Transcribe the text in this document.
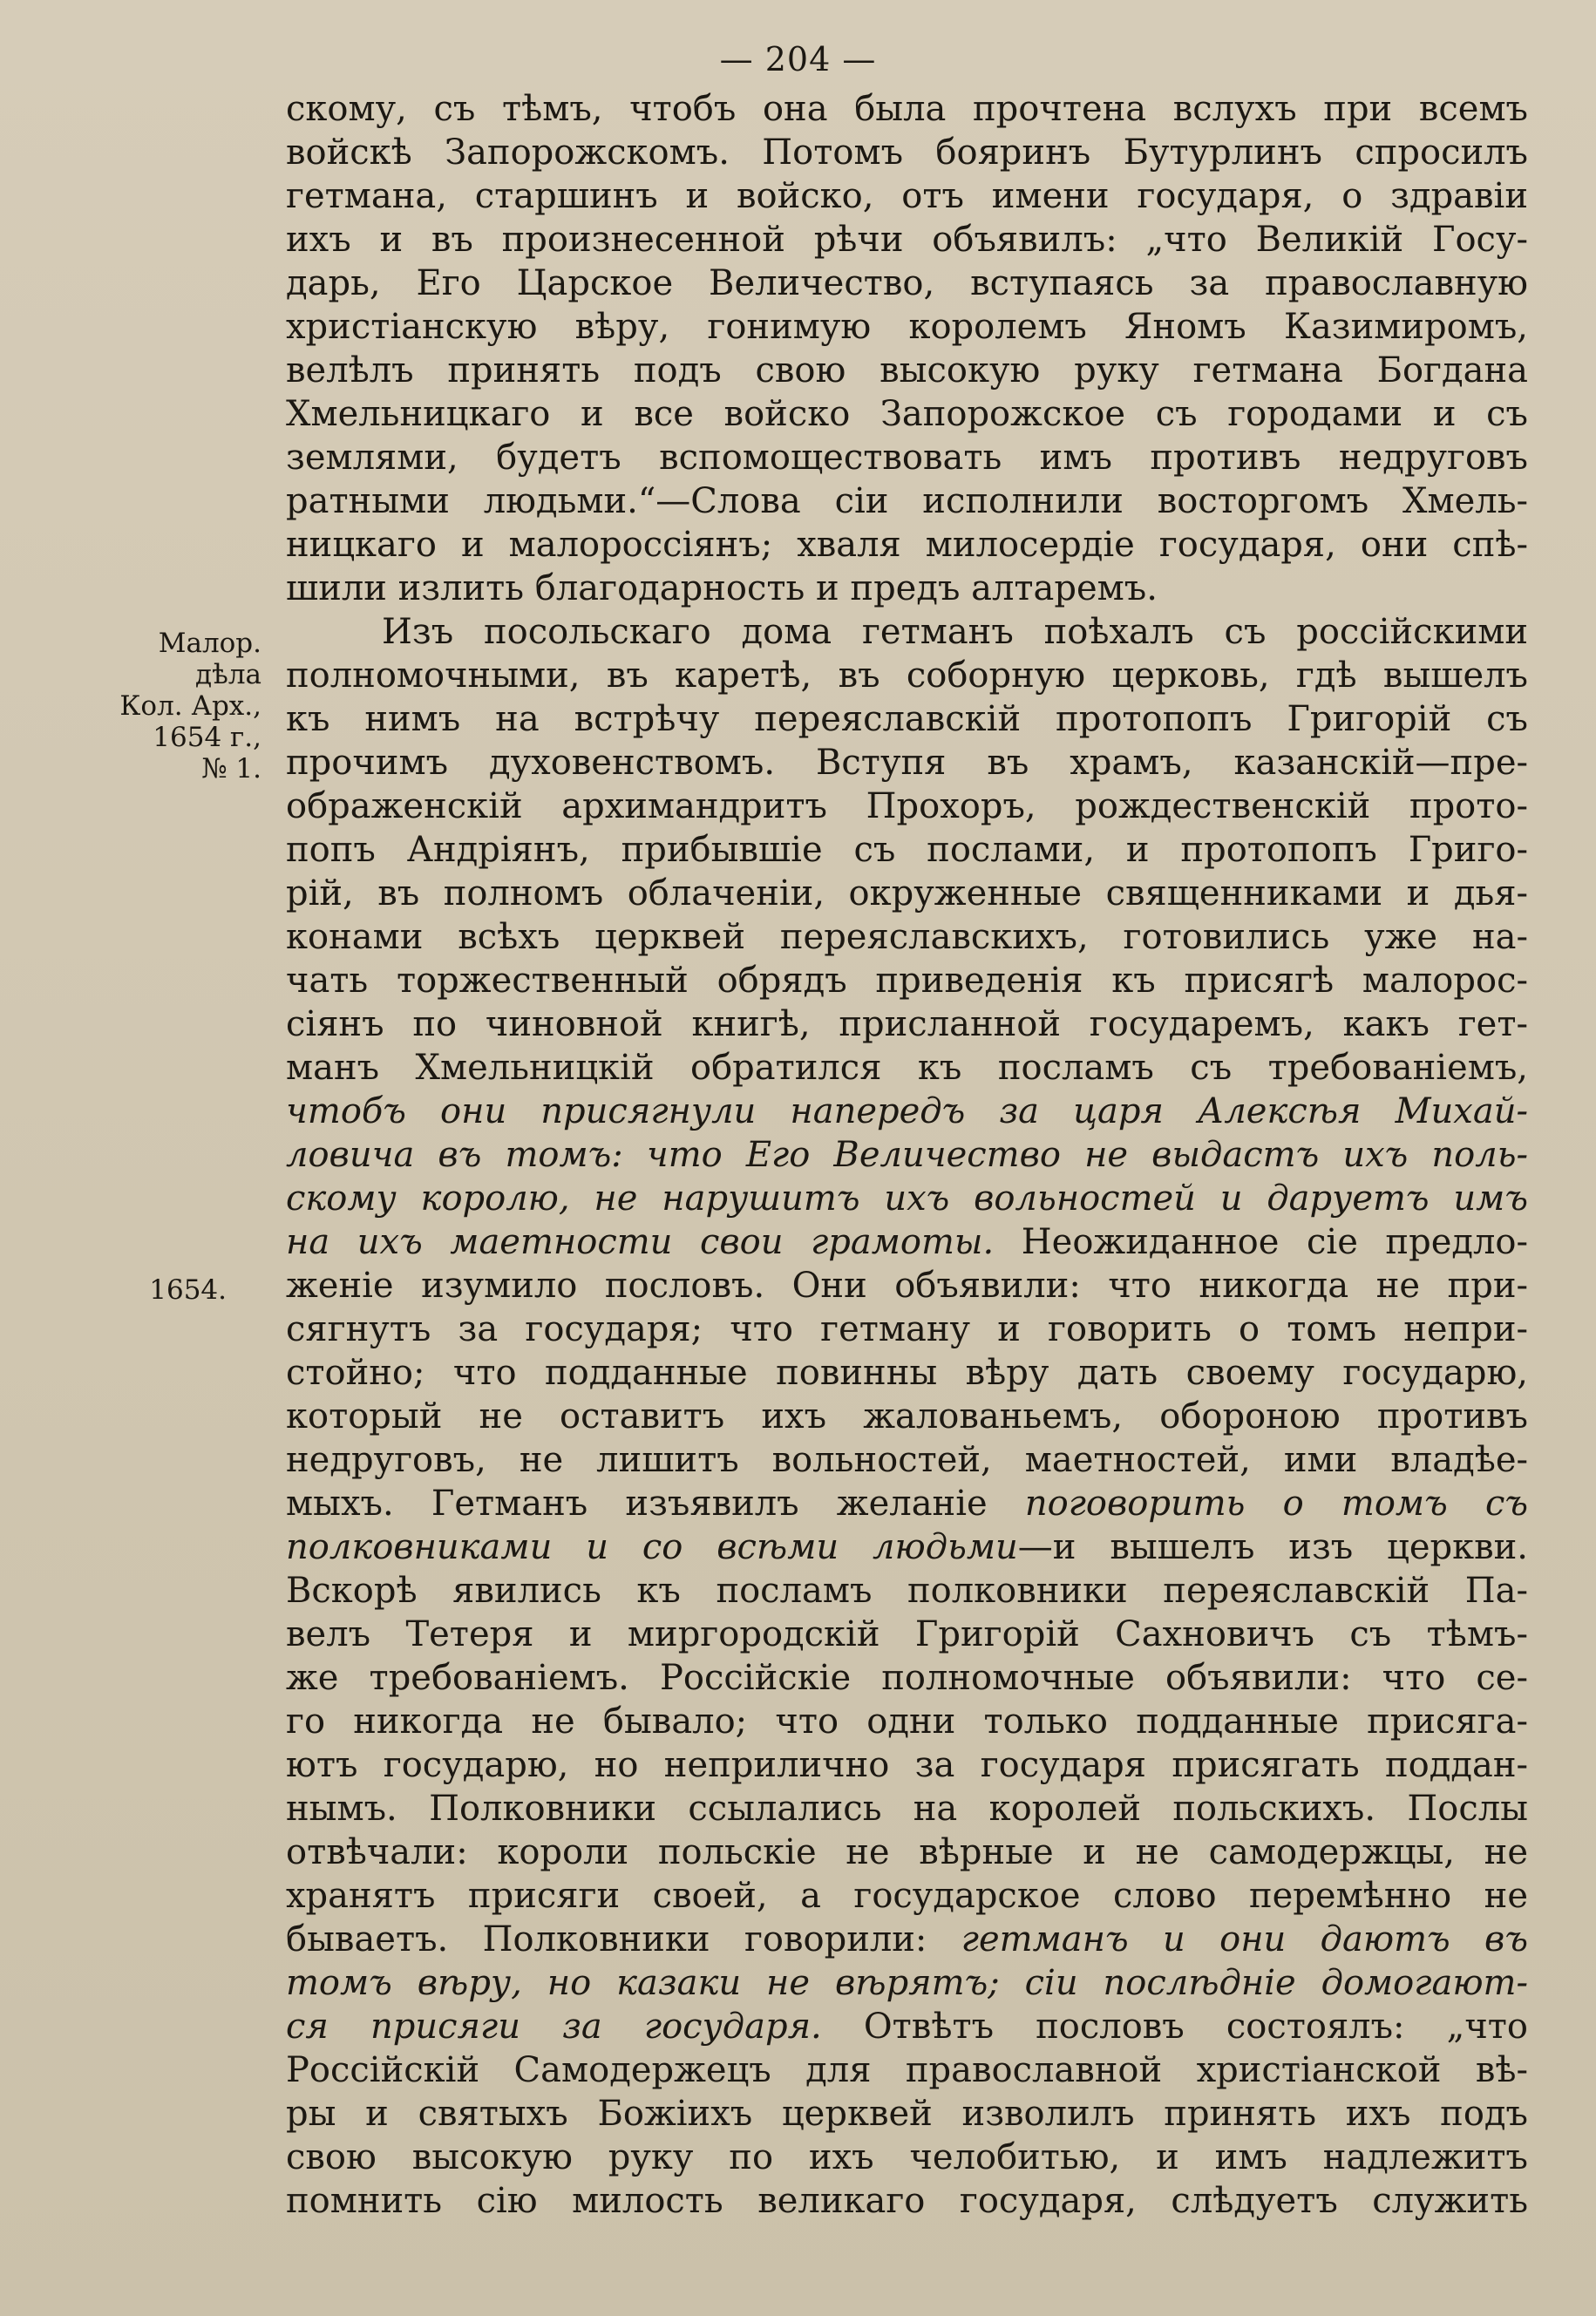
— 204 —
Малор.
дѣла
Кол. Арх.,
1654 г.,
№ 1.
1654.
скому, съ тѣмъ, чтобъ она была прочтена вслухъ при всемъ
войскѣ Запорожскомъ. Потомъ бояринъ Бутурлинъ спросилъ
гетмана, старшинъ и войско, отъ имени государя, о здравіи
ихъ и въ произнесенной рѣчи объявилъ: „что Великій Госу-
дарь, Его Царское Величество, вступаясь за православную
христіанскую вѣру, гонимую королемъ Яномъ Казимиромъ,
велѣлъ принять подъ свою высокую руку гетмана Богдана
Хмельницкаго и все войско Запорожское съ городами и съ
землями, будетъ вспомоществовать имъ противъ недруговъ
ратными людьми.“—Слова сіи исполнили восторгомъ Хмель-
ницкаго и малороссіянъ; хваля милосердіе государя, они спѣ-
шили излить благодарность и предъ алтаремъ.
Изъ посольскаго дома гетманъ поѣхалъ съ россійскими
полномочными, въ каретѣ, въ соборную церковь, гдѣ вышелъ
къ нимъ на встрѣчу переяславскій протопопъ Григорій съ
прочимъ духовенствомъ. Вступя въ храмъ, казанскій—пре-
ображенскій архимандритъ Прохоръ, рождественскій прото-
попъ Андріянъ, прибывшіе съ послами, и протопопъ Григо-
рій, въ полномъ облаченіи, окруженные священниками и дья-
конами всѣхъ церквей переяславскихъ, готовились уже на-
чать торжественный обрядъ приведенія къ присягѣ малорос-
сіянъ по чиновной книгѣ, присланной государемъ, какъ гет-
манъ Хмельницкій обратился къ посламъ съ требованіемъ,
чтобъ они присягнули напередъ за царя Алексѣя Михай-
ловича въ томъ: что Его Величество не выдастъ ихъ поль-
скому королю, не нарушитъ ихъ вольностей и даруетъ имъ
на ихъ маетности свои грамоты. Неожиданное сіе предло-
женіе изумило пословъ. Они объявили: что никогда не при-
сягнутъ за государя; что гетману и говорить о томъ непри-
стойно; что подданные повинны вѣру дать своему государю,
который не оставитъ ихъ жалованьемъ, обороною противъ
недруговъ, не лишитъ вольностей, маетностей, ими владѣе-
мыхъ. Гетманъ изъявилъ желаніе поговорить о томъ съ
полковниками и со всѣми людьми—и вышелъ изъ церкви.
Вскорѣ явились къ посламъ полковники переяславскій Па-
велъ Тетеря и миргородскій Григорій Сахновичъ съ тѣмъ-
же требованіемъ. Россійскіе полномочные объявили: что се-
го никогда не бывало; что одни только подданные присяга-
ютъ государю, но неприлично за государя присягать поддан-
нымъ. Полковники ссылались на королей польскихъ. Послы
отвѣчали: короли польскіе не вѣрные и не самодержцы, не
хранятъ присяги своей, а государское слово перемѣнно не
бываетъ. Полковники говорили: гетманъ и они даютъ въ
томъ вѣру, но казаки не вѣрятъ; сіи послѣдніе домогают-
ся присяги за государя. Отвѣтъ пословъ состоялъ: „что
Россійскій Самодержецъ для православной христіанской вѣ-
ры и святыхъ Божіихъ церквей изволилъ принять ихъ подъ
свою высокую руку по ихъ челобитью, и имъ надлежитъ
помнить сію милость великаго государя, слѣдуетъ служить
